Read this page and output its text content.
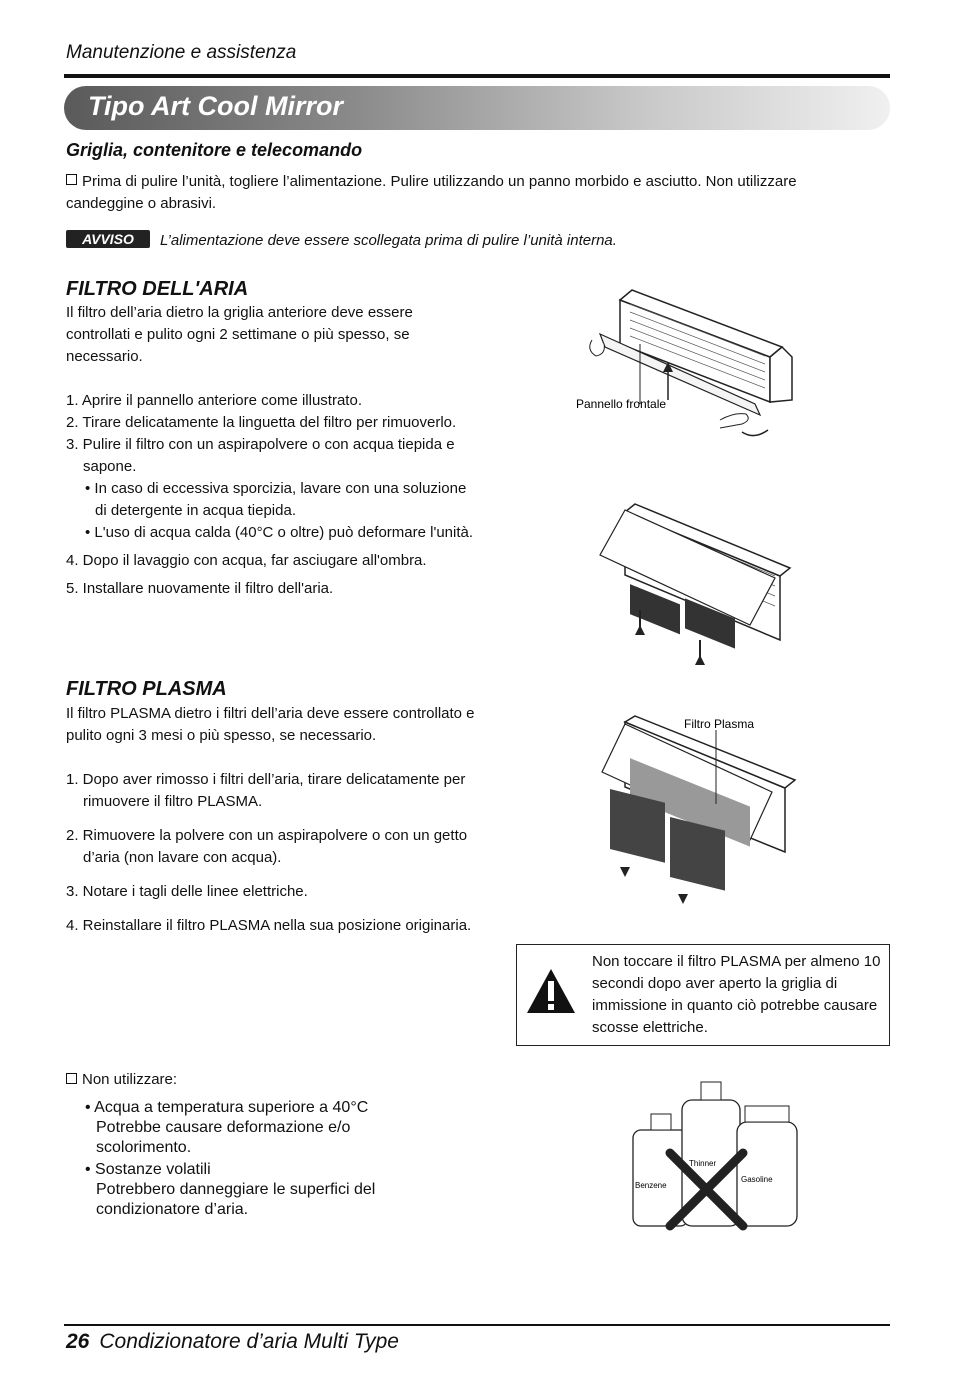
Manutenzione e assistenza
Tipo Art Cool Mirror
Griglia, contenitore e telecomando
Prima di pulire l’unità, togliere l’alimentazione. Pulire utilizzando un panno morbido e asciutto. Non utilizzare candeggine o abrasivi.
AVVISO	L’alimentazione deve essere scollegata prima di pulire l’unità interna.
FILTRO DELL'ARIA

Il filtro dell’aria dietro la griglia anteriore deve essere controllati e pulito ogni 2 settimane o più spesso, se necessario.

1. Aprire il pannello anteriore come illustrato.

2. Tirare delicatamente la linguetta del filtro per rimuoverlo.

3. Pulire il filtro con un aspirapolvere o con acqua tiepida e sapone.

• In caso di eccessiva sporcizia, lavare con una soluzione di detergente in acqua tiepida.

• L'uso di acqua calda (40°C o oltre) può deformare l'unità.

4. Dopo il lavaggio con acqua, far asciugare all'ombra.

5. Installare nuovamente il filtro dell'aria.

FILTRO PLASMA

Il filtro PLASMA dietro i filtri dell’aria deve essere controllato e pulito ogni 3 mesi o più spesso, se necessario.

1. Dopo aver rimosso i filtri dell’aria, tirare delicatamente per rimuovere il filtro PLASMA.

2. Rimuovere la polvere con un aspirapolvere o con un getto d’aria (non lavare con acqua).

3. Notare i tagli delle linee elettriche.

4. Reinstallare il filtro PLASMA nella sua posizione originaria.

Pannello frontale
Filtro Plasma
Non toccare il filtro PLASMA per almeno 10 secondi dopo aver aperto la griglia di immissione in quanto ciò potrebbe causare scosse elettriche.
Non utilizzare:
• Acqua a temperatura superiore a 40°C
Potrebbe causare deformazione e/o scolorimento.
• Sostanze volatili
Potrebbero danneggiare le superfici del condizionatore d’aria.
Benzene
Thinner
Gasoline
26 Condizionatore d’aria Multi Type
